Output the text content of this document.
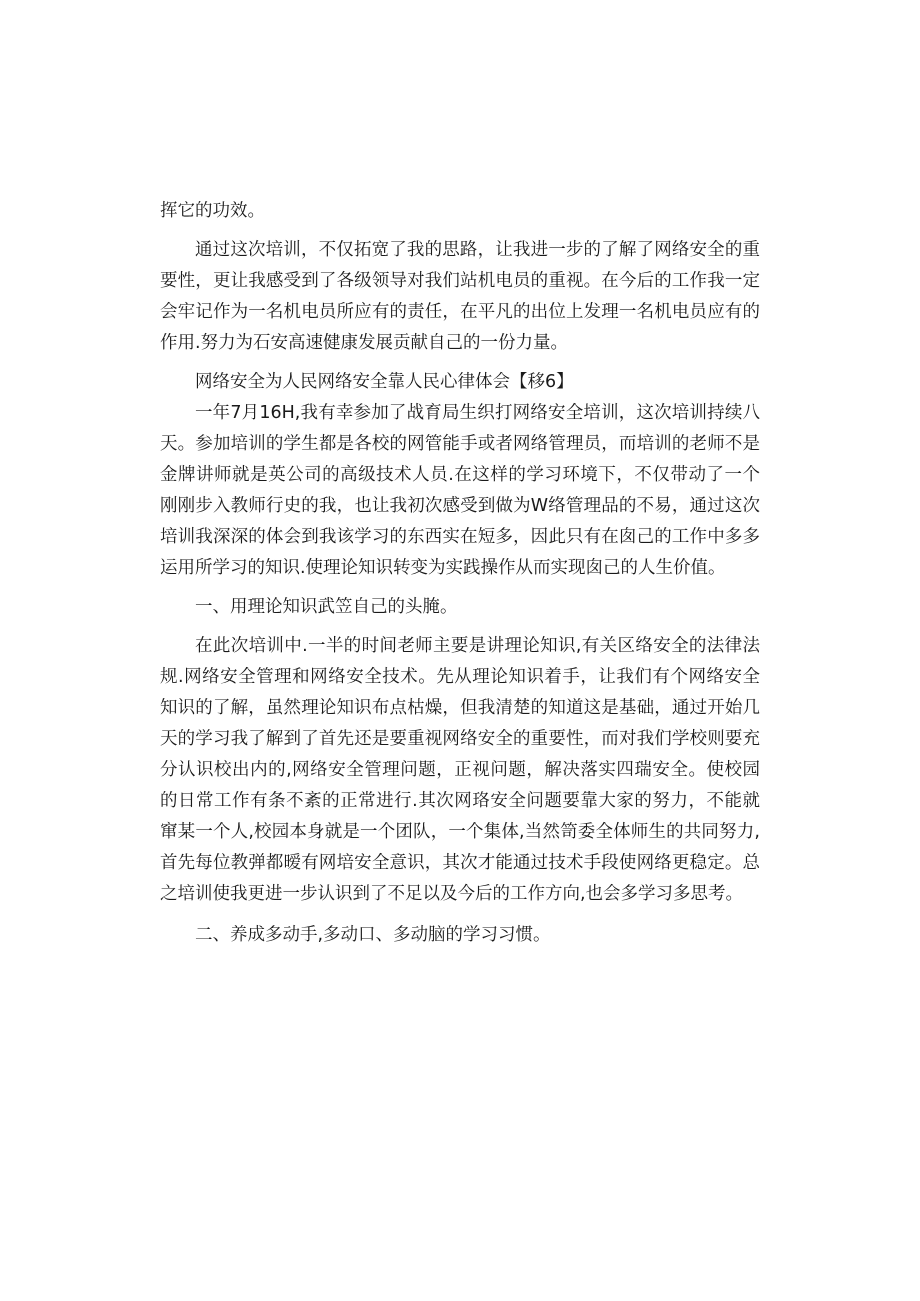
挥它的功效。

通过这次培训，不仅拓宽了我的思路，让我进一步的了解了网络安全的重要性，更让我感受到了各级领导对我们站机电员的重视。在今后的工作我一定会牢记作为一名机电员所应有的责任，在平凡的出位上发理一名机电员应有的作用.努力为石安高速健康发展贡献自己的一份力量。

网络安全为人民网络安全靠人民心律体会【移6】

一年7月16H,我有幸参加了战育局生织打网络安全培训，这次培训持续八天。参加培训的学生都是各校的网管能手或者网络管理员，而培训的老师不是金牌讲师就是英公司的高级技术人员.在这样的学习环境下，不仅带动了一个刚刚步入教师行史的我，也让我初次感受到做为W络管理品的不易，通过这次培训我深深的体会到我该学习的东西实在短多，因此只有在囱己的工作中多多运用所学习的知识.使理论知识转变为实践操作从而实现囱己的人生价值。

一、用理论知识武笠自己的头腌。

在此次培训中.一半的时间老师主要是讲理论知识,有关区络安全的法律法规.网络安全管理和网络安全技术。先从理论知识着手，让我们有个网络安全知识的了解，虽然理论知识布点枯燥，但我清楚的知道这是基础，通过开始几天的学习我了解到了首先还是要重视网络安全的重要性，而对我们学校则要充分认识校出内的,网络安全管理问题，正视问题，解决落实四瑞安全。使校园的日常工作有条不紊的正常进行.其次网珞安全问题要靠大家的努力，不能就窜某一个人,校园本身就是一个团队，一个集体,当然笥委全体师生的共同努力,首先每位教弹都暧有网培安全意识，其次才能通过技术手段使网络更稳定。总之培训使我更进一步认识到了不足以及今后的工作方向,也会多学习多思考。

二、养成多动手,多动口、多动脑的学习习惯。
